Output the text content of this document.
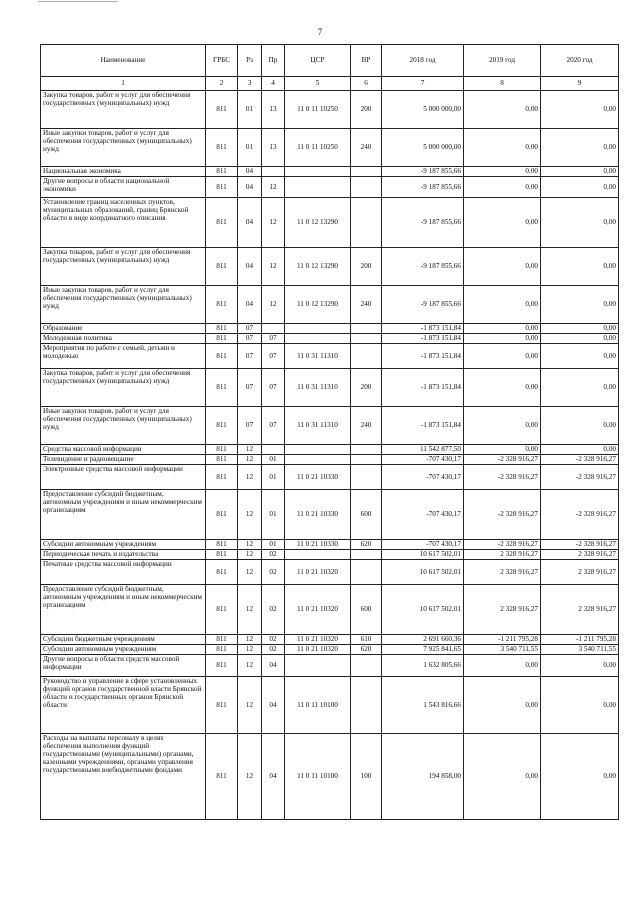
7
Наименование	ГРБС	Рз	Пр	ЦСР	ВР	2018 год	2019 год	2020 год
1	2	3	4	5	6	7	8	9
Закупка товаров, работ и услуг для обеспечения государственных (муниципальных) нужд	811	01	13	11 0 11 10250	200	5 000 000,00	0,00	0,00
Иные закупки товаров, работ и услуг для обеспечения государственных (муниципальных) нужд	811	01	13	11 0 11 10250	240	5 000 000,00	0,00	0,00
Национальная экономика	811	04				-9 187 855,66	0,00	0,00
Другие вопросы в области национальной экономики	811	04	12			-9 187 855,66	0,00	0,00
Установление границ населенных пунктов, муниципальных образований, границ Брянской области в виде координатного описания	811	04	12	11 0 12 13290		-9 187 855,66	0,00	0,00
Закупка товаров, работ и услуг для обеспечения государственных (муниципальных) нужд	811	04	12	11 0 12 13290	200	-9 187 855,66	0,00	0,00
Иные закупки товаров, работ и услуг для обеспечения государственных (муниципальных) нужд	811	04	12	11 0 12 13290	240	-9 187 855,66	0,00	0,00
Образование	811	07				-1 873 151,84	0,00	0,00
Молодежная политика	811	07	07			-1 873 151,84	0,00	0,00
Мероприятия по работе с семьей, детьми и молодежью	811	07	07	11 0 31 11310		-1 873 151,84	0,00	0,00
Закупка товаров, работ и услуг для обеспечения государственных (муниципальных) нужд	811	07	07	11 0 31 11310	200	-1 873 151,84	0,00	0,00
Иные закупки товаров, работ и услуг для обеспечения государственных (муниципальных) нужд	811	07	07	11 0 31 11310	240	-1 873 151,84	0,00	0,00
Средства массовой информации	811	12				11 542 877,50	0,00	0,00
Телевидение и радиовещание	811	12	01			-707 430,17	-2 328 916,27	-2 328 916,27
Электронные средства массовой информации	811	12	01	11 0 21 10330		-707 430,17	-2 328 916,27	-2 328 916,27
Предоставление субсидий бюджетным, автономным учреждениям и иным некоммерческим организациям	811	12	01	11 0 21 10330	600	-707 430,17	-2 328 916,27	-2 328 916,27
Субсидии автономным учреждениям	811	12	01	11 0 21 10330	620	-707 430,17	-2 328 916,27	-2 328 916,27
Периодическая печать и издательства	811	12	02			10 617 502,01	2 328 916,27	2 328 916,27
Печатные средства массовой информации	811	12	02	11 0 21 10320		10 617 502,01	2 328 916,27	2 328 916,27
Предоставление субсидий бюджетным, автономным учреждениям и иным некоммерческим организациям	811	12	02	11 0 21 10320	600	10 617 502,01	2 328 916,27	2 328 916,27
Субсидии бюджетным учреждениям	811	12	02	11 0 21 10320	610	2 691 660,36	-1 211 795,28	-1 211 795,28
Субсидии автономным учреждениям	811	12	02	11 0 21 10320	620	7 925 841,65	3 540 711,55	3 540 711,55
Другие вопросы в области средств массовой информации	811	12	04			1 632 805,66	0,00	0,00
Руководство и управление в сфере установленных функций органов государственной власти Брянской области и государственных органов Брянской области	811	12	04	11 0 11 10100		1 543 816,66	0,00	0,00
Расходы на выплаты персоналу в целях обеспечения выполнения функций государственными (муниципальными) органами, казенными учреждениями, органами управления государственными внебюджетными фондами	811	12	04	11 0 11 10100	100	194 858,00	0,00	0,00
